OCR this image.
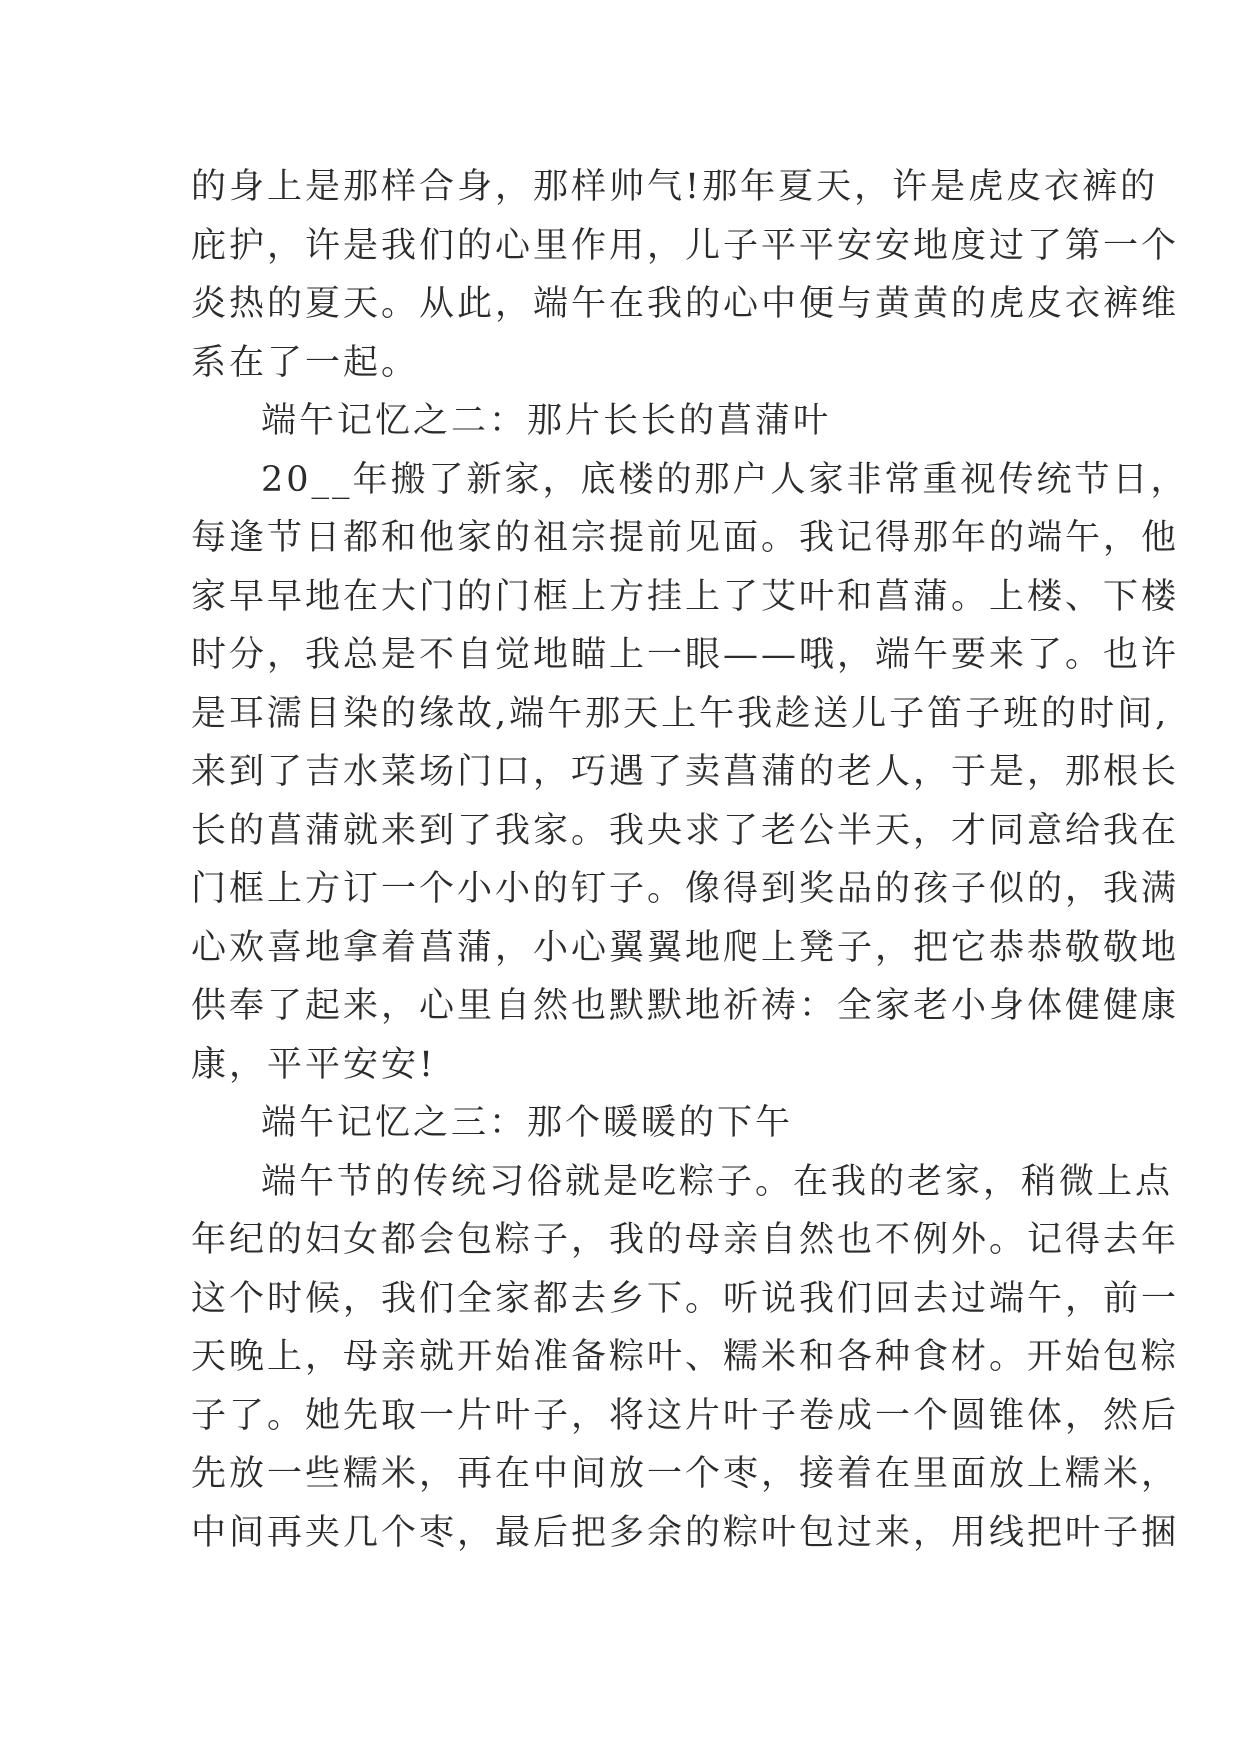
的身上是那样合身，那样帅气!那年夏天，许是虎皮衣裤的
庇护，许是我们的心里作用，儿子平平安安地度过了第一个
炎热的夏天。从此，端午在我的心中便与黄黄的虎皮衣裤维
系在了一起。

端午记忆之二：那片长长的菖蒲叶

20__年搬了新家，底楼的那户人家非常重视传统节日，
每逢节日都和他家的祖宗提前见面。我记得那年的端午，他
家早早地在大门的门框上方挂上了艾叶和菖蒲。上楼、下楼
时分，我总是不自觉地瞄上一眼——哦，端午要来了。也许
是耳濡目染的缘故,端午那天上午我趁送儿子笛子班的时间,
来到了吉水菜场门口，巧遇了卖菖蒲的老人，于是，那根长
长的菖蒲就来到了我家。我央求了老公半天，才同意给我在
门框上方订一个小小的钉子。像得到奖品的孩子似的，我满
心欢喜地拿着菖蒲，小心翼翼地爬上凳子，把它恭恭敬敬地
供奉了起来，心里自然也默默地祈祷：全家老小身体健健康
康，平平安安!

端午记忆之三：那个暖暖的下午

端午节的传统习俗就是吃粽子。在我的老家，稍微上点
年纪的妇女都会包粽子，我的母亲自然也不例外。记得去年
这个时候，我们全家都去乡下。听说我们回去过端午，前一
天晚上，母亲就开始准备粽叶、糯米和各种食材。开始包粽
子了。她先取一片叶子，将这片叶子卷成一个圆锥体，然后
先放一些糯米，再在中间放一个枣，接着在里面放上糯米，
中间再夹几个枣，最后把多余的粽叶包过来，用线把叶子捆
